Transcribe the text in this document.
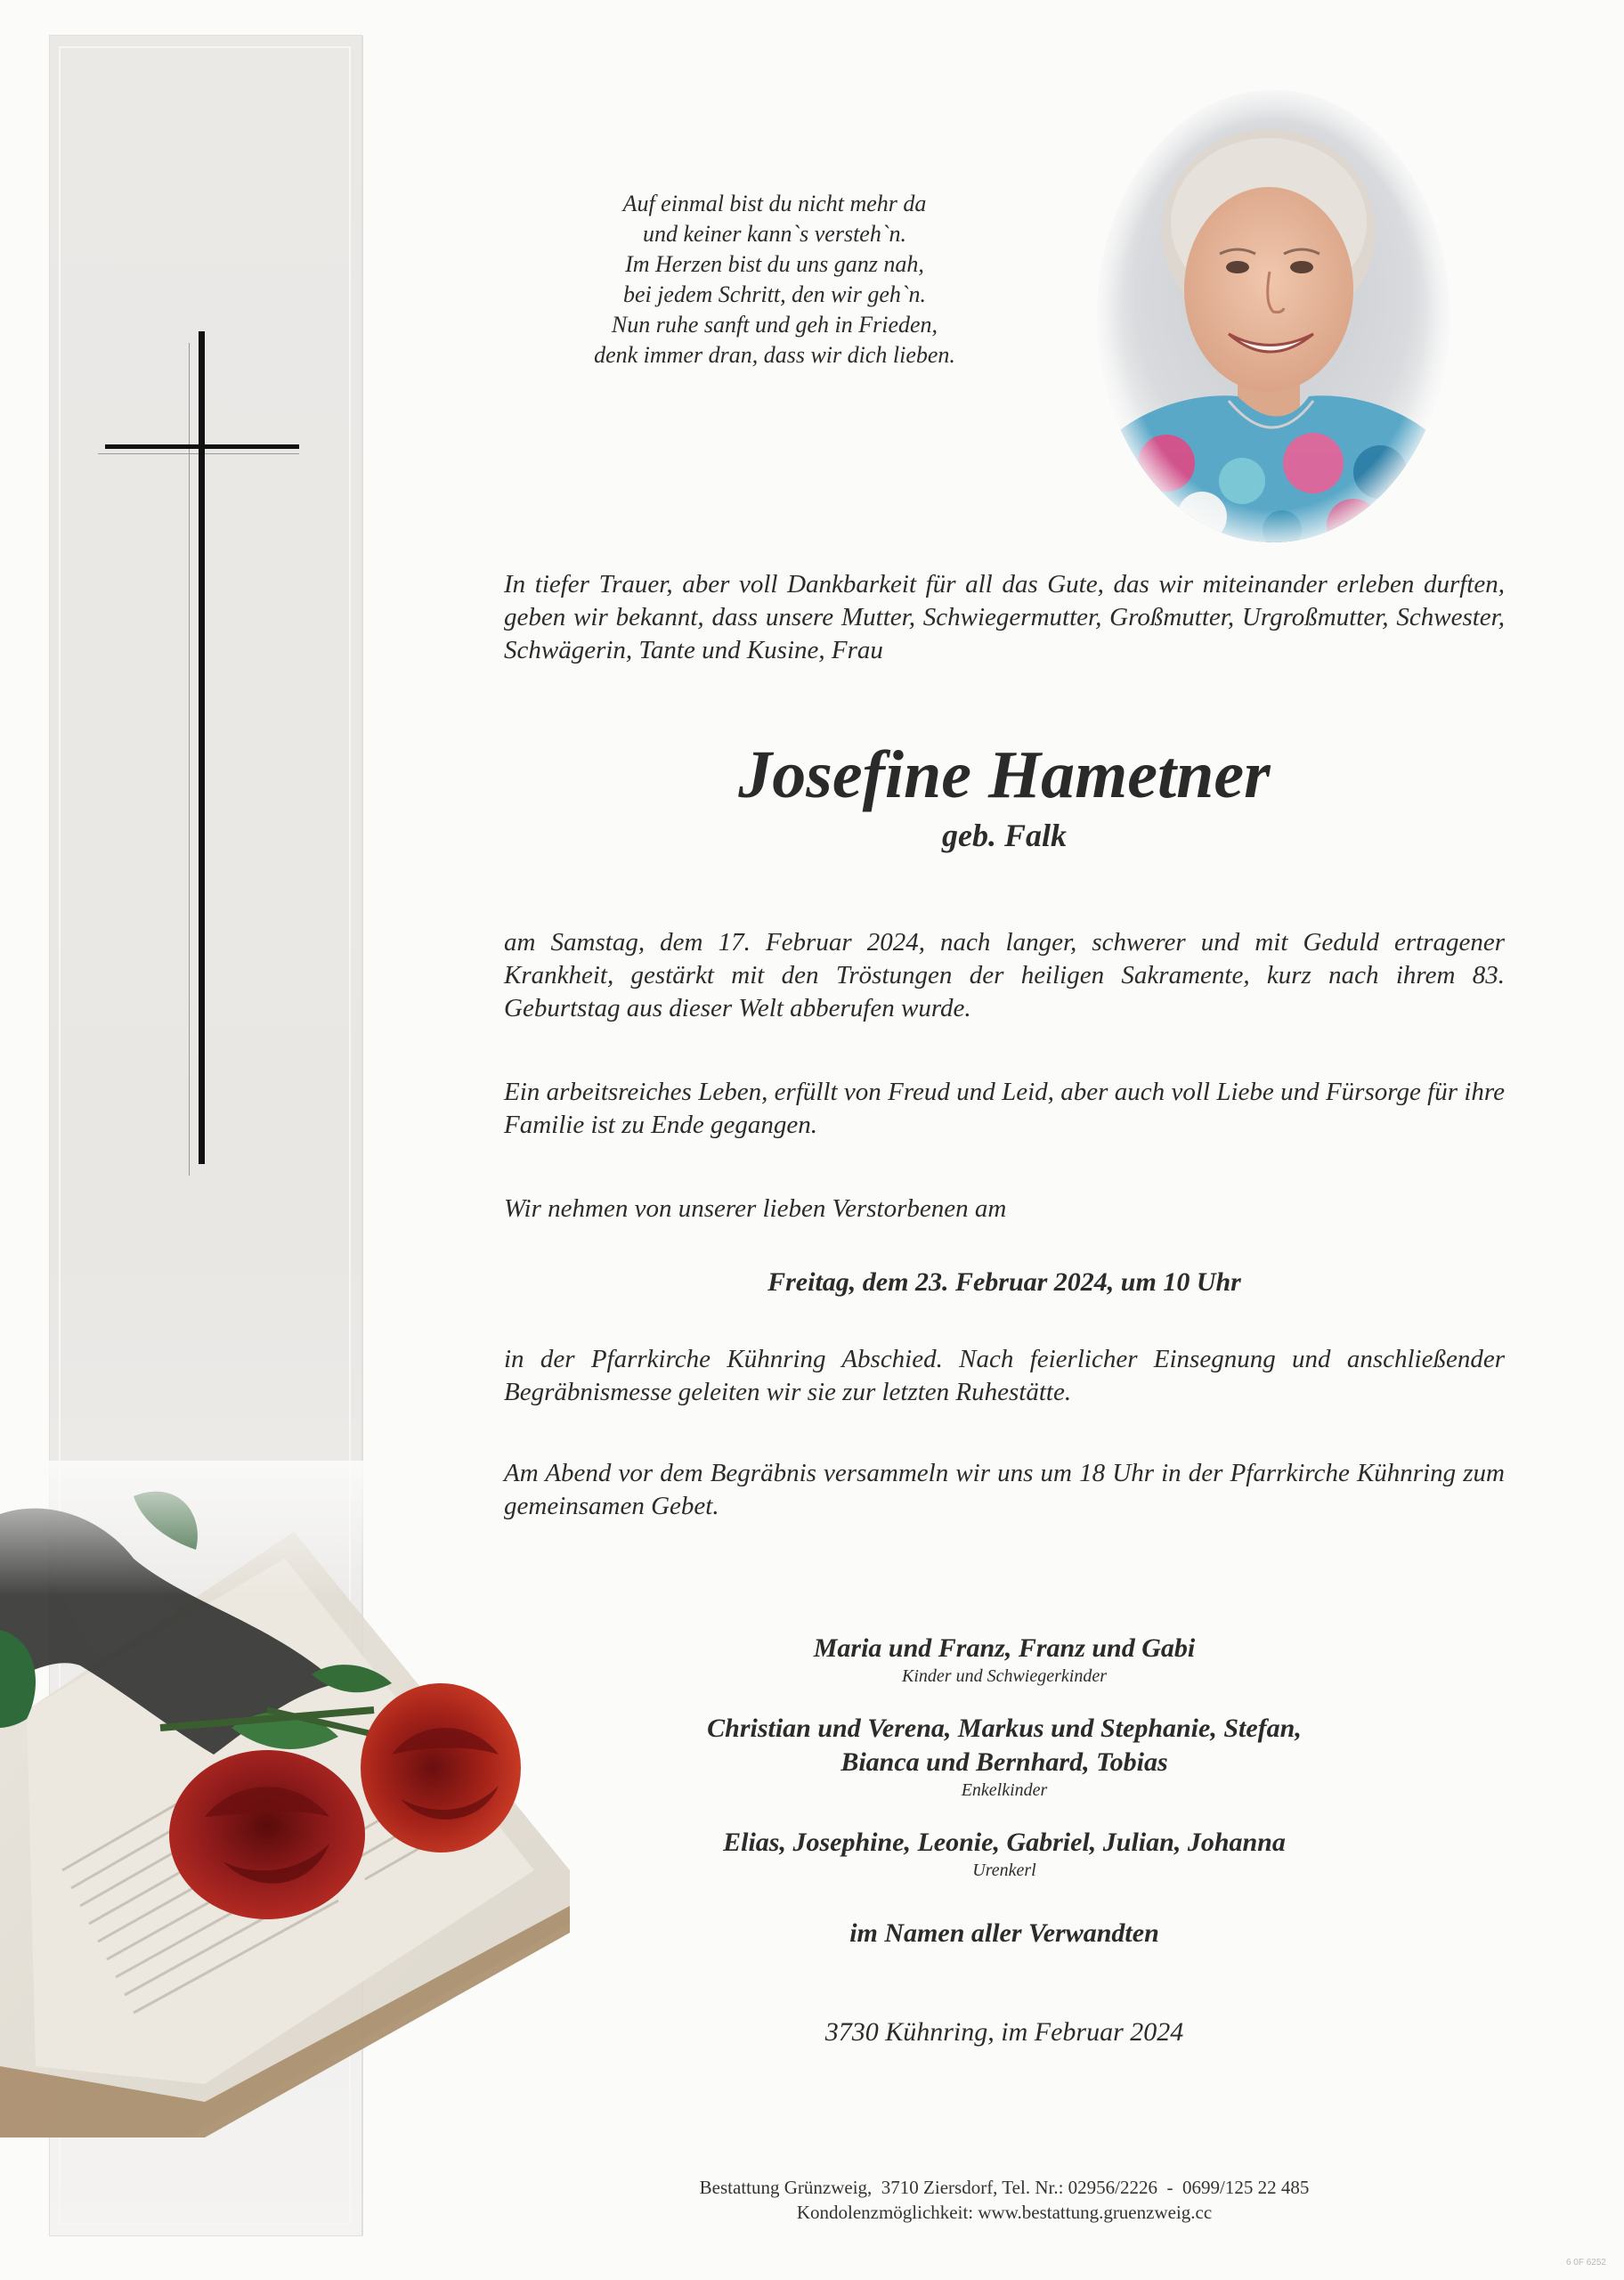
Auf einmal bist du nicht mehr da
und keiner kann`s versteh`n.
Im Herzen bist du uns ganz nah,
bei jedem Schritt, den wir geh`n.
Nun ruhe sanft und geh in Frieden,
denk immer dran, dass wir dich lieben.
In tiefer Trauer, aber voll Dankbarkeit für all das Gute, das wir miteinander erleben durften, geben wir bekannt, dass unsere Mutter, Schwiegermutter, Großmutter, Urgroßmutter, Schwester, Schwägerin, Tante und Kusine, Frau
Josefine Hametner
geb. Falk
am Samstag, dem 17. Februar 2024, nach langer, schwerer und mit Geduld ertragener Krankheit, gestärkt mit den Tröstungen der heiligen Sakramente, kurz nach ihrem 83. Geburtstag aus dieser Welt abberufen wurde.
Ein arbeitsreiches Leben, erfüllt von Freud und Leid, aber auch voll Liebe und Fürsorge für ihre Familie ist zu Ende gegangen.
Wir nehmen von unserer lieben Verstorbenen am
Freitag, dem 23. Februar 2024, um 10 Uhr
in der Pfarrkirche Kühnring Abschied. Nach feierlicher Einsegnung und anschließender Begräbnismesse geleiten wir sie zur letzten Ruhestätte.
Am Abend vor dem Begräbnis versammeln wir uns um 18 Uhr in der Pfarrkirche Kühnring zum gemeinsamen Gebet.
Maria und Franz, Franz und Gabi
Kinder und Schwiegerkinder
Christian und Verena, Markus und Stephanie, Stefan,
Bianca und Bernhard, Tobias
Enkelkinder
Elias, Josephine, Leonie, Gabriel, Julian, Johanna
Urenkerl
im Namen aller Verwandten
3730 Kühnring, im Februar 2024
Bestattung Grünzweig,  3710 Ziersdorf, Tel. Nr.: 02956/2226  -  0699/125 22 485
Kondolenzmöglichkeit: www.bestattung.gruenzweig.cc
6 0F 6252
